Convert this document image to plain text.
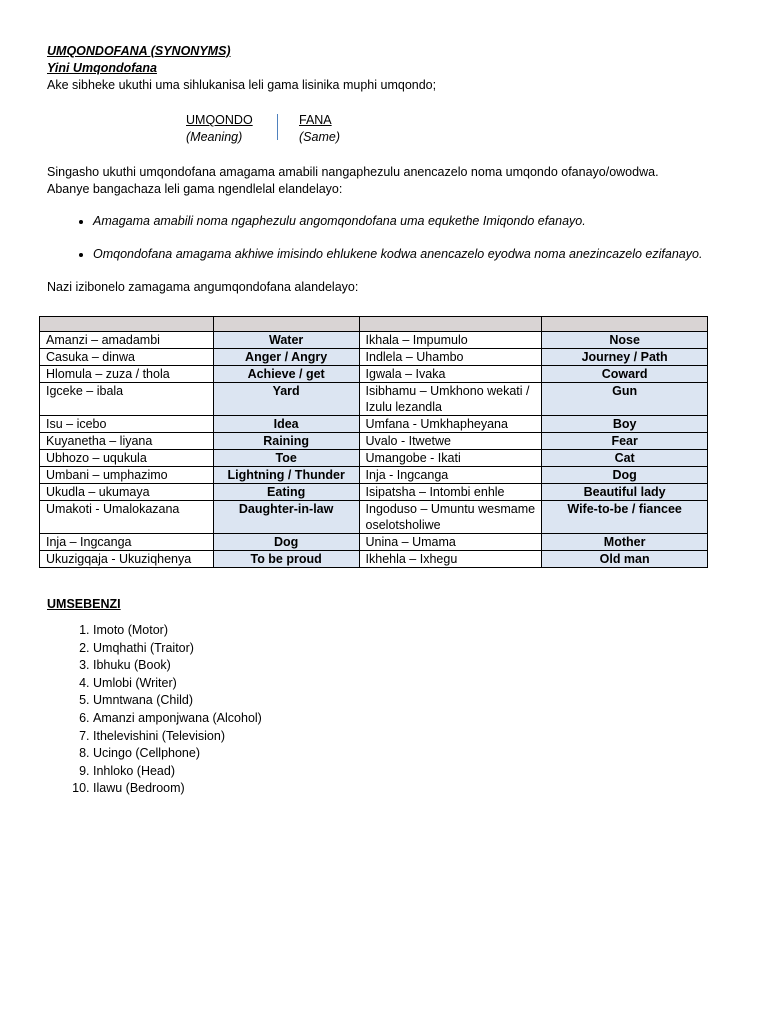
UMQONDOFANA (SYNONYMS)
Yini Umqondofana
Ake sibheke ukuthi uma sihlukanisa leli gama lisinika muphi umqondo;
UMQONDO
(Meaning)
FANA
(Same)
Singasho ukuthi umqondofana amagama amabili nangaphezulu anencazelo noma umqondo ofanayo/owodwa.
Abanye bangachaza leli gama ngendlelal elandelayo:
• Amagama amabili noma ngaphezulu angomqondofana uma equkethe Imiqondo efanayo.
• Omqondofana amagama akhiwe imisindo ehlukene kodwa anencazelo eyodwa noma anezincazelo ezifanayo.
Nazi izibonelo zamagama angumqondofana alandelayo:

Amanzi – amadambi	Water	Ikhala – Impumulo	Nose
Casuka – dinwa	Anger / Angry	Indlela – Uhambo	Journey / Path
Hlomula – zuza / thola	Achieve / get	Igwala – Ivaka	Coward
Igceke – ibala	Yard	Isibhamu – Umkhono wekati / Izulu lezandla	Gun
Isu – icebo	Idea	Umfana - Umkhapheyana	Boy
Kuyanetha – liyana	Raining	Uvalo - Itwetwe	Fear
Ubhozo – uqukula	Toe	Umangobe - Ikati	Cat
Umbani – umphazimo	Lightning / Thunder	Inja - Ingcanga	Dog
Ukudla – ukumaya	Eating	Isipatsha – Intombi enhle	Beautiful lady
Umakoti - Umalokazana	Daughter-in-law	Ingoduso – Umuntu wesmame oselotsholiwe	Wife-to-be / fiancee
Inja – Ingcanga	Dog	Unina – Umama	Mother
Ukuzigqaja - Ukuziqhenya	To be proud	Ikhehla – Ixhegu	Old man
UMSEBENZI
1. Imoto (Motor)
2. Umqhathi (Traitor)
3. Ibhuku (Book)
4. Umlobi (Writer)
5. Umntwana (Child)
6. Amanzi amponjwana (Alcohol)
7. Ithelevishini (Television)
8. Ucingo (Cellphone)
9. Inhloko (Head)
10. Ilawu (Bedroom)
